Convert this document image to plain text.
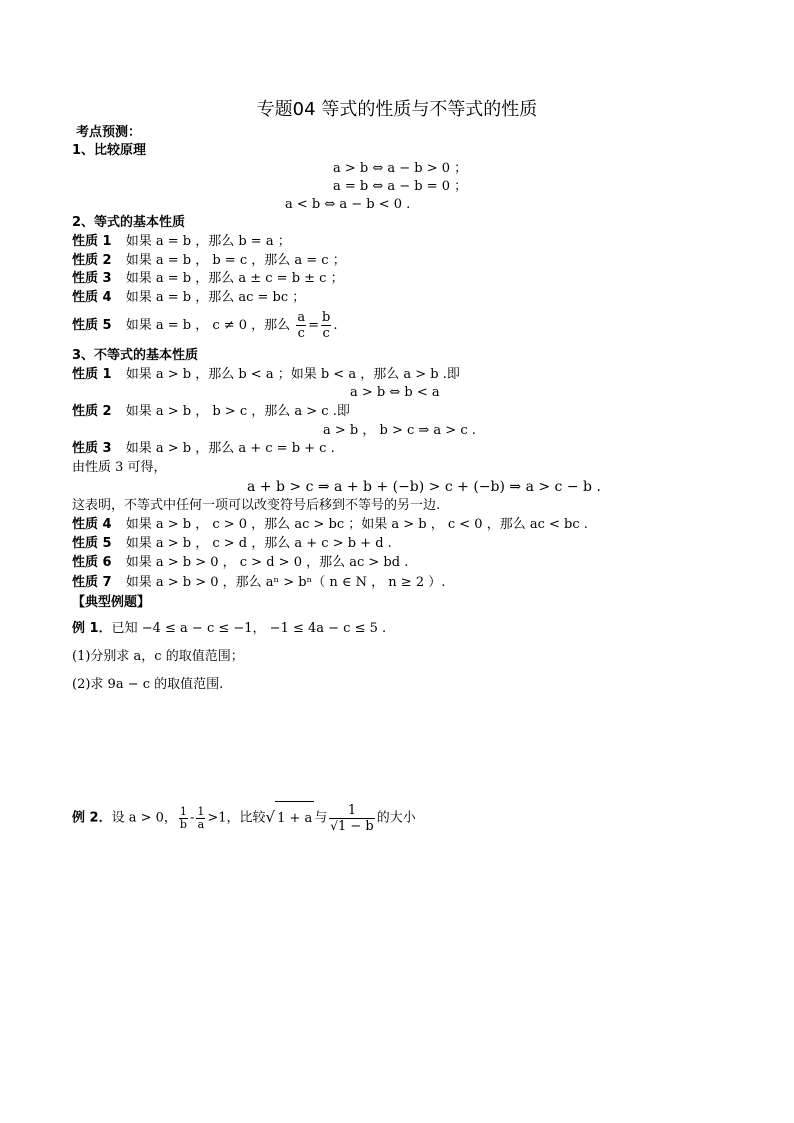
专题04 等式的性质与不等式的性质
考点预测：
1、比较原理
a > b ⇔ a − b > 0 ；
a = b ⇔ a − b = 0 ；
a < b ⇔ a − b < 0 .
2、等式的基本性质
性质 1 如果 a = b ，那么 b = a ；
性质 2 如果 a = b ， b = c ，那么 a = c ；
性质 3 如果 a = b ，那么 a ± c = b ± c ；
性质 4 如果 a = b ，那么 ac = bc ；
性质 5 如果 a = b ， c ≠ 0 ，那么 $\frac{a}{c} = \frac{b}{c}$ .
3、不等式的基本性质
性质 1 如果 a > b ，那么 b < a ；如果 b < a ，那么 a > b .即
a > b ⇔ b < a
性质 2 如果 a > b ， b > c ，那么 a > c .即
a > b ， b > c ⇒ a > c .
性质 3 如果 a > b ，那么 a + c = b + c .
由性质 3 可得，
a + b > c ⇒ a + b + (−b) > c + (−b) ⇒ a > c − b .
这表明，不等式中任何一项可以改变符号后移到不等号的另一边.
性质 4 如果 a > b ， c > 0 ，那么 ac > bc ；如果 a > b ， c < 0 ，那么 ac < bc .
性质 5 如果 a > b ， c > d ，那么 a + c > b + d .
性质 6 如果 a > b > 0 ， c > d > 0 ，那么 ac > bd .
性质 7 如果 a > b > 0 ，那么 aⁿ > bⁿ（ n ∈ N ， n ≥ 2 ）.
【典型例题】
例 1．已知 −4 ≤ a − c ≤ −1， −1 ≤ 4a − c ≤ 5 .
(1)分别求 a，c 的取值范围；
(2)求 9a − c 的取值范围.
例 2．设 a > 0， $\frac{1}{b} - \frac{1}{a} >1$，比较√ 1 + a 与 $\frac{1}{√1 - b}$ 的大小
